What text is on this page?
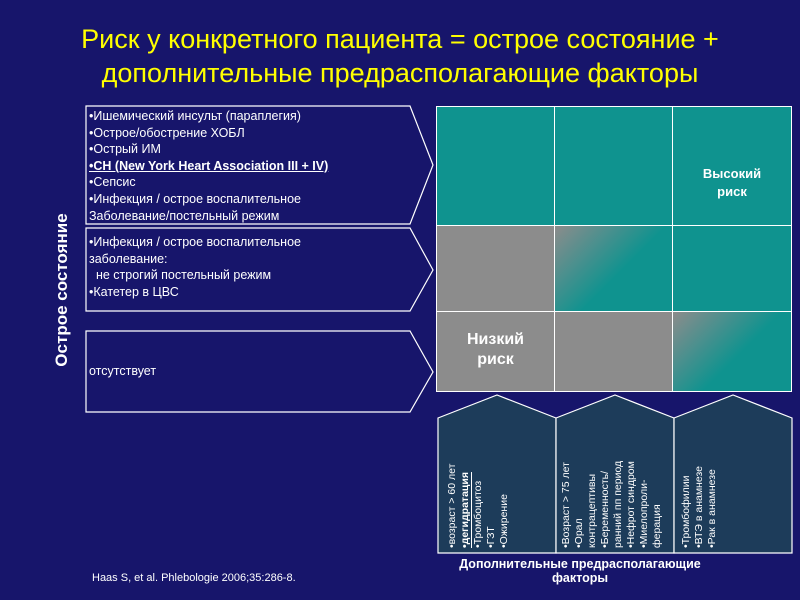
Риск у конкретного пациента = острое состояние +
дополнительные предрасполагающие факторы
Острое состояние
•Ишемический инсульт (параплегия)
•Острое/обострение ХОБЛ
•Острый ИМ
•СН (New York Heart Association III + IV)
•Сепсис
•Инфекция / острое воспалительное
Заболевание/постельный режим
•Инфекция / острое воспалительное
заболевание:
не строгий постельный режим
•Катетер в ЦВС
отсутствует
Высокий риск
Низкий риск
•возраст > 60 лет •дегидратация •Тромбоцитоз •ГЗТ •Ожирение	•Возраст > 75 лет •Орал контрацептивы •Беременность/ ранний пп период •Нефрот синдром •Миелопроли- ферация •Тромбофилии •ВТЭ в анамнезе •Рак в анамнезе
Дополнительные предрасполагающие
факторы
Haas S, et al. Phlebologie 2006;35:286-8.
